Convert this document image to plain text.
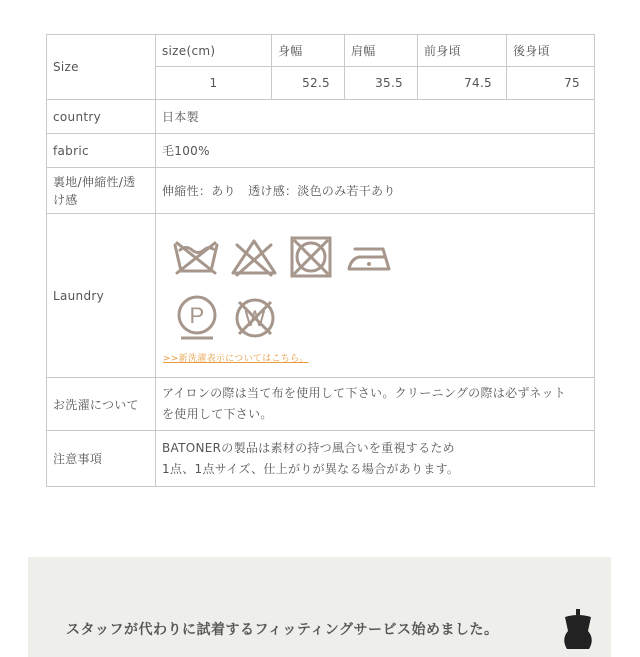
Size	size(cm)	身幅	肩幅	前身頃	後身頃
	1	52.5	35.5	74.5	75
country	日本製				
fabric	毛100%				
裏地/伸縮性/透
け感	伸縮性：あり　透け感：淡色のみ若干あり				
Laundry	P W
>>新洗濯表示についてはこちら。				

お洗濯について	アイロンの際は当て布を使用して下さい。クリーニングの際は必ずネット
を使用して下さい。				
注意事項	BATONERの製品は素材の持つ風合いを重視するため
1点、1点サイズ、仕上がりが異なる場合があります。				
スタッフが代わりに試着するフィッティングサービス始めました。
